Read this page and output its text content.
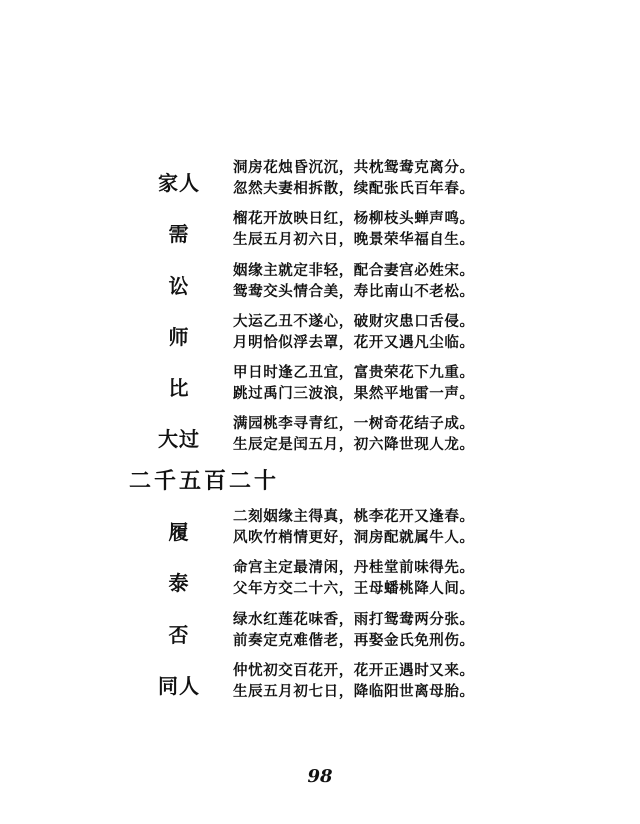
家人
洞房花烛昏沉沉，共枕鸳鸯克离分。
忽然夫妻相拆散，续配张氏百年春。
需
榴花开放映日红，杨柳枝头蝉声鸣。
生辰五月初六日，晚景荣华福自生。
讼
姻缘主就定非轻，配合妻宫必姓宋。
鸳鸯交头情合美，寿比南山不老松。
师
大运乙丑不遂心，破财灾患口舌侵。
月明恰似浮去罩，花开又遇凡尘临。
比
甲日时逢乙丑宜，富贵荣花下九重。
跳过禹门三波浪，果然平地雷一声。
大过
满园桃李寻青红，一树奇花结子成。
生辰定是闰五月，初六降世现人龙。
二千五百二十
履
二刻姻缘主得真，桃李花开又逢春。
风吹竹梢情更好，洞房配就属牛人。
泰
命宫主定最清闲，丹桂堂前味得先。
父年方交二十六，王母蟠桃降人间。
否
绿水红莲花味香，雨打鸳鸯两分张。
前奏定克难偕老，再娶金氏免刑伤。
同人
仲忧初交百花开，花开正遇时又来。
生辰五月初七日，降临阳世离母胎。
98
